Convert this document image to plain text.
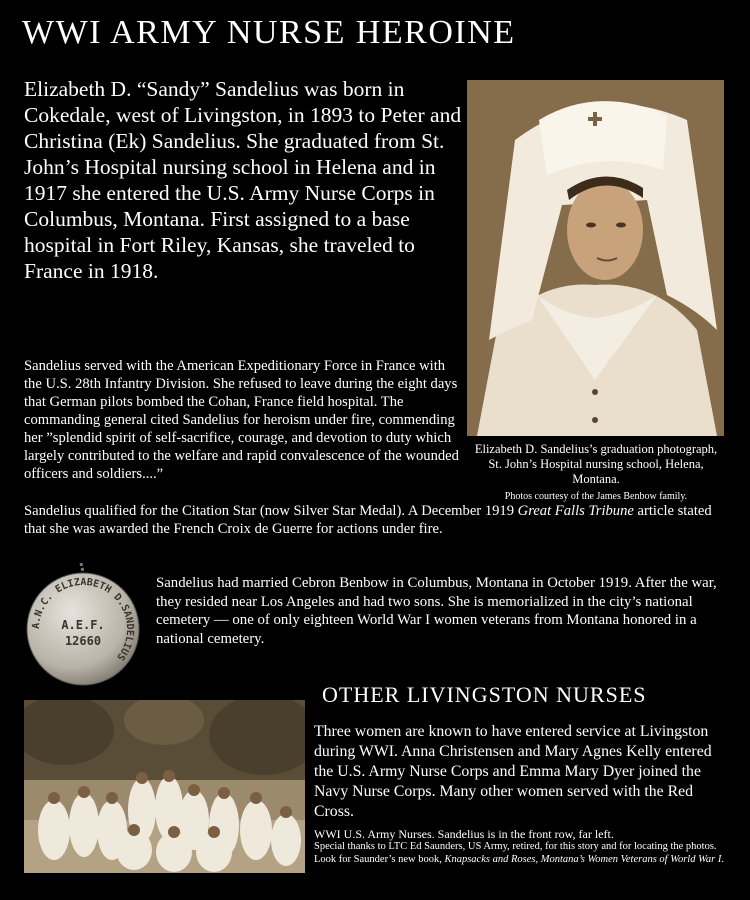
WWI ARMY NURSE HEROINE
Elizabeth D. “Sandy” Sandelius was born in Cokedale, west of Livingston, in 1893 to Peter and Christina (Ek) Sandelius. She graduated from St. John’s Hospital nursing school in Helena and in 1917 she entered the U.S. Army Nurse Corps in Columbus, Montana. First assigned to a base hospital in Fort Riley, Kansas, she traveled to France in 1918.
Elizabeth D. Sandelius’s graduation photograph, St. John’s Hospital nursing school, Helena, Montana.
Photos courtesy of the James Benbow family.
Sandelius served with the American Expeditionary Force in France with the U.S. 28th Infantry Division. She refused to leave during the eight days that German pilots bombed the Cohan, France field hospital. The commanding general cited Sandelius for heroism under fire, commending her ”splendid spirit of self-sacrifice, courage, and devotion to duty which largely contributed to the welfare and rapid convalescence of the wounded officers and soldiers....”
Sandelius qualified for the Citation Star (now Silver Star Medal). A December 1919 Great Falls Tribune article stated that she was awarded the French Croix de Guerre for actions under fire.
A.N.C. ELIZABETH D.SANDELIUS
A.E.F.
12660
Sandelius had married Cebron Benbow in Columbus, Montana in October 1919. After the war, they resided near Los Angeles and had two sons. She is memorialized in the city’s national cemetery — one of only eighteen World War I women veterans from Montana honored in a national cemetery.
OTHER LIVINGSTON NURSES
Three women are known to have entered service at Livingston during WWI. Anna Christensen and Mary Agnes Kelly entered the U.S. Army Nurse Corps and Emma Mary Dyer joined the Navy Nurse Corps. Many other women served with the Red Cross.
WWI U.S. Army Nurses. Sandelius is in the front row, far left.
Special thanks to LTC Ed Saunders, US Army, retired, for this story and for locating the photos.
Look for Saunder’s new book, Knapsacks and Roses, Montana’s Women Veterans of World War I.
